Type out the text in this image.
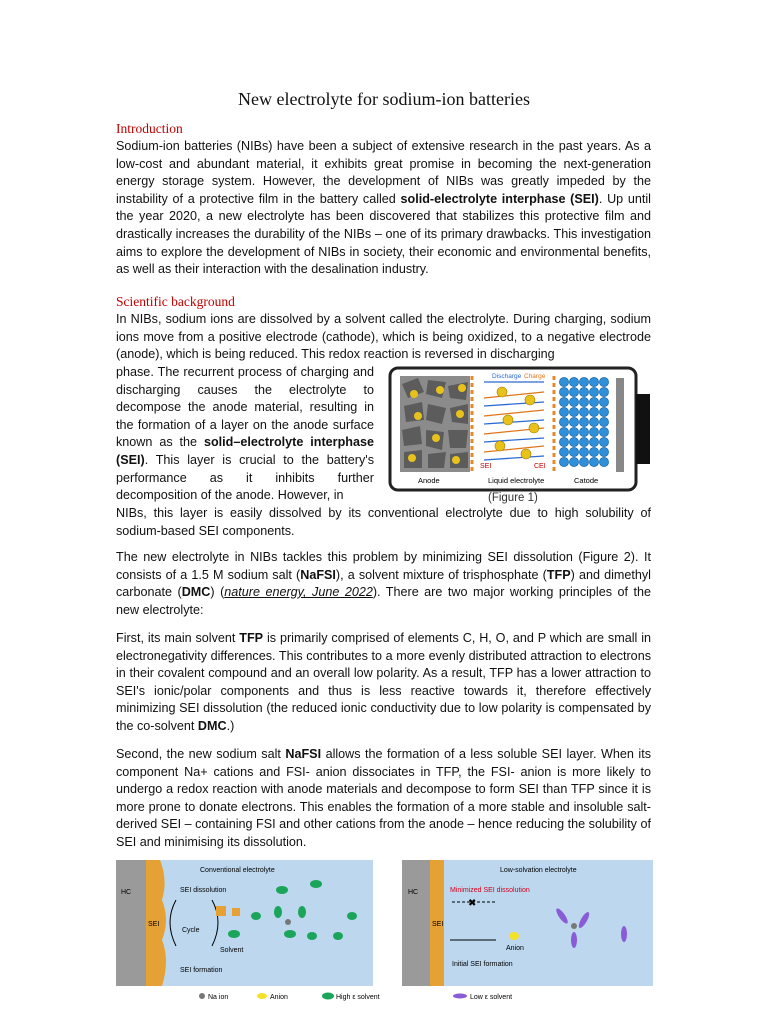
New electrolyte for sodium-ion batteries
Introduction

Sodium-ion batteries (NIBs) have been a subject of extensive research in the past years. As a low-cost and abundant material, it exhibits great promise in becoming the next-generation energy storage system. However, the development of NIBs was greatly impeded by the instability of a protective film in the battery called solid-electrolyte interphase (SEI). Up until the year 2020, a new electrolyte has been discovered that stabilizes this protective film and drastically increases the durability of the NIBs – one of its primary drawbacks. This investigation aims to explore the development of NIBs in society, their economic and environmental benefits, as well as their interaction with the desalination industry.

Scientific background

In NIBs, sodium ions are dissolved by a solvent called the electrolyte. During charging, sodium ions move from a positive electrode (cathode), which is being oxidized, to a negative electrode (anode), which is being reduced. This redox reaction is reversed in discharging

phase. The recurrent process of charging and discharging causes the electrolyte to decompose the anode material, resulting in the formation of a layer on the anode surface known as the solid–electrolyte interphase (SEI). This layer is crucial to the battery's performance as it inhibits further decomposition of the anode. However, in

NIBs, this layer is easily dissolved by its conventional electrolyte due to high solubility of sodium-based SEI components.

The new electrolyte in NIBs tackles this problem by minimizing SEI dissolution (Figure 2). It consists of a 1.5 M sodium salt (NaFSI), a solvent mixture of trisphosphate (TFP) and dimethyl carbonate (DMC) (nature energy, June 2022). There are two major working principles of the new electrolyte:

First, its main solvent TFP is primarily comprised of elements C, H, O, and P which are small in electronegativity differences. This contributes to a more evenly distributed attraction to electrons in their covalent compound and an overall low polarity. As a result, TFP has a lower attraction to SEI's ionic/polar components and thus is less reactive towards it, therefore effectively minimizing SEI dissolution (the reduced ionic conductivity due to low polarity is compensated by the co-solvent DMC.)

Second, the new sodium salt NaFSI allows the formation of a less soluble SEI layer. When its component Na+ cations and FSI- anion dissociates in TFP, the FSI- anion is more likely to undergo a redox reaction with anode materials and decompose to form SEI than TFP since it is more prone to donate electrons. This enables the formation of a more stable and insoluble salt-derived SEI – containing FSI and other cations from the anode – hence reducing the solubility of SEI and minimising its dissolution.

Discharge Charge
SEI	CEI
Anode	Liquid electrolyte	Catode
(Figure 1)
HC
SEI
Conventional electrolyte
SEI dissolution
Cycle
Solvent
SEI formation
HC
SEI
Low-solvation electrolyte
Minimized SEI dissolution
✖
Anion
Initial SEI formation
Na ion	Anion	High ε solvent	Low ε solvent
